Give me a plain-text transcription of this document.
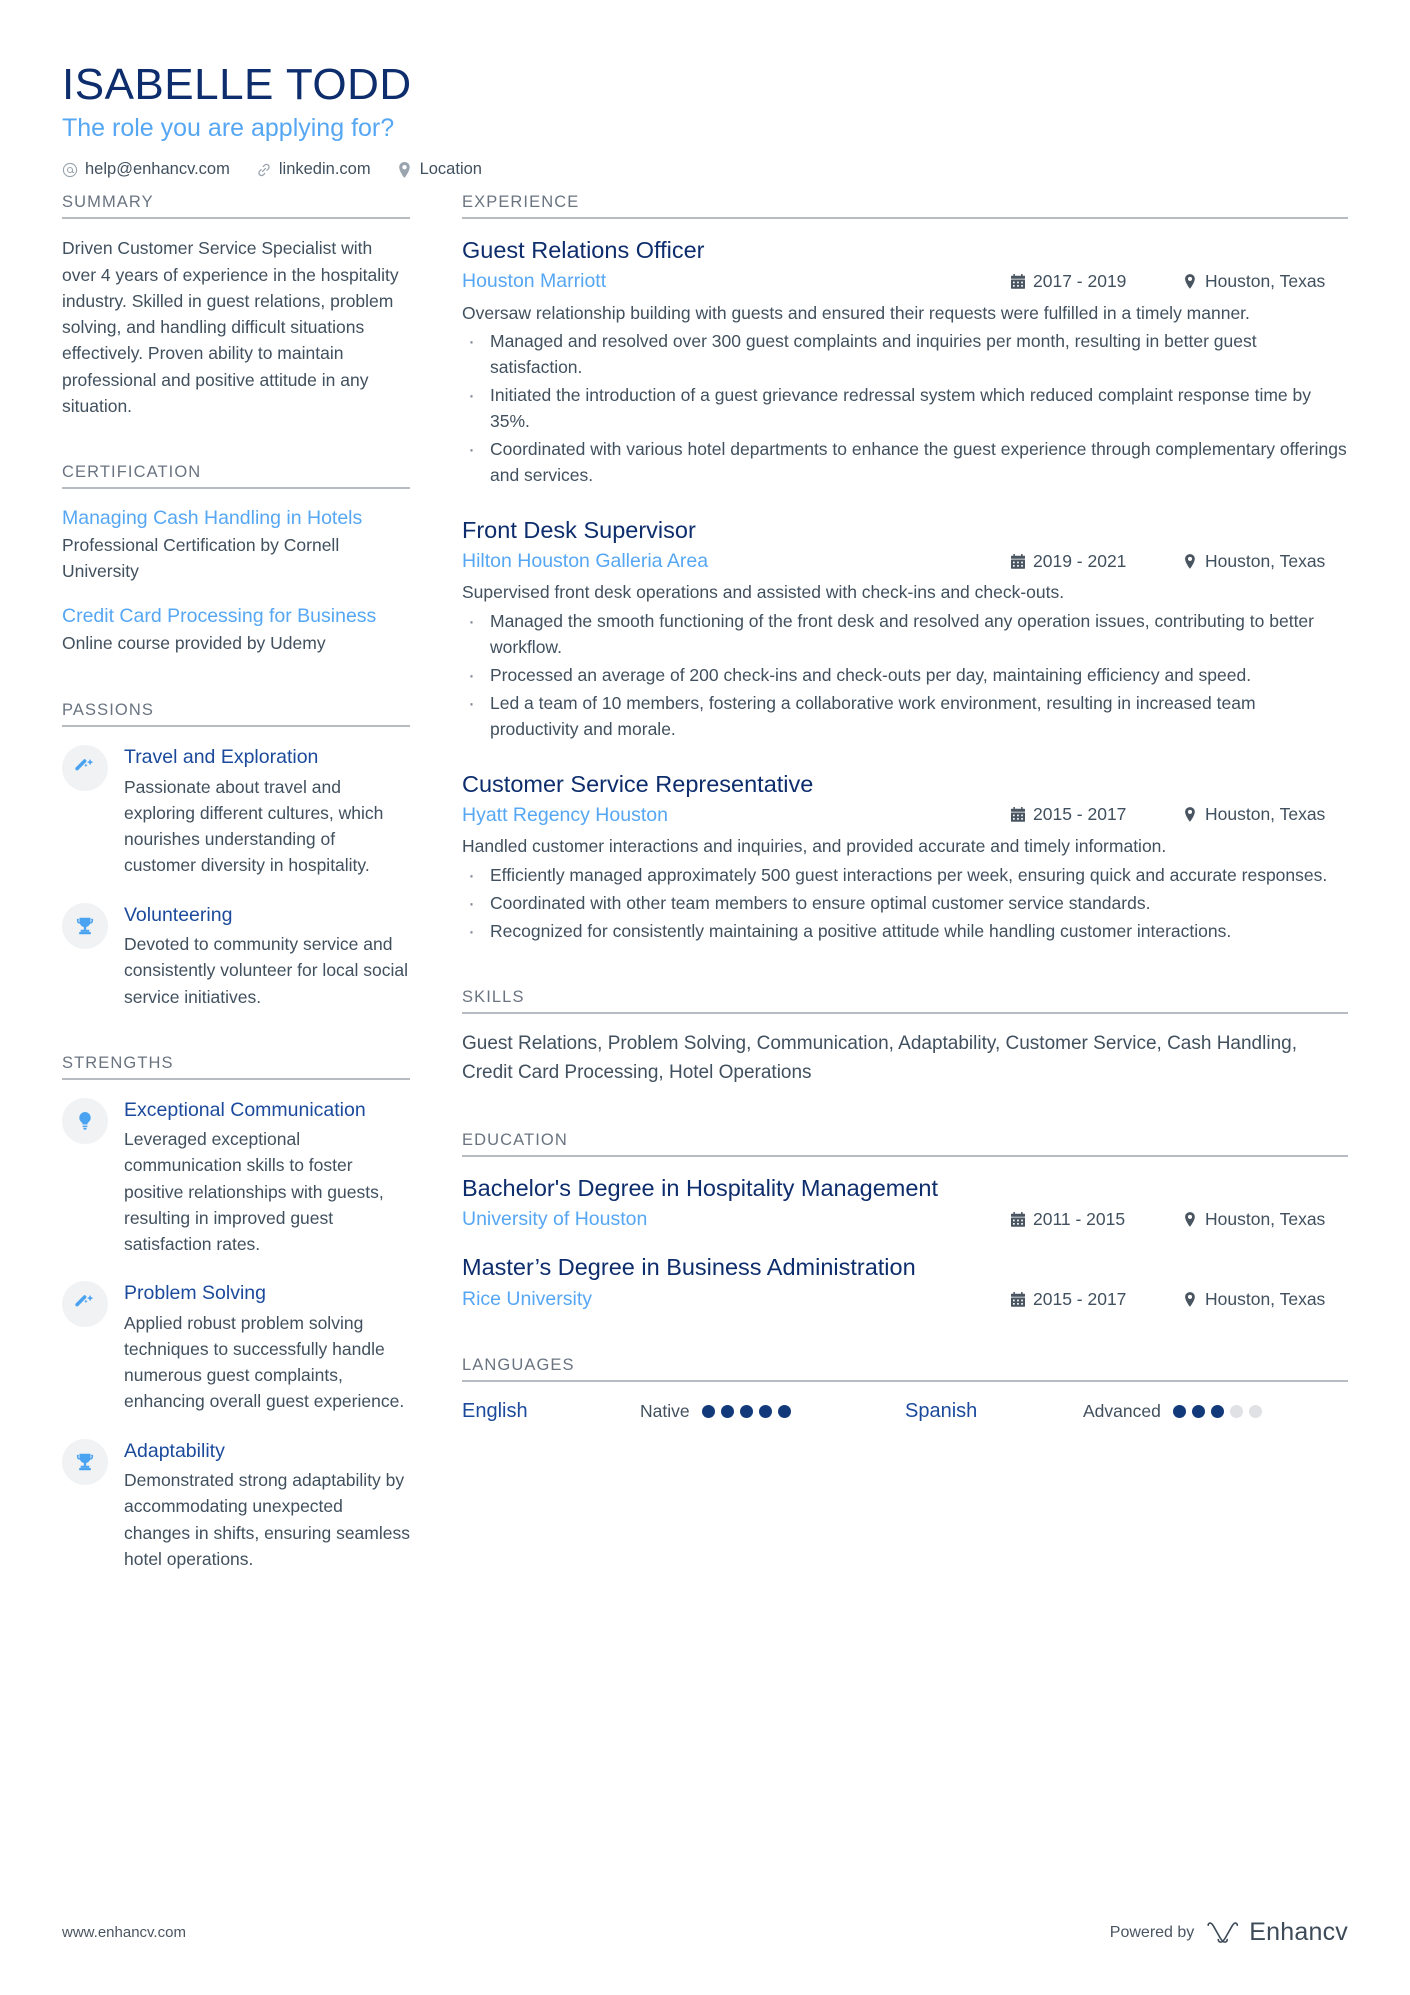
ISABELLE TODD
The role you are applying for?
help@enhancv.com	linkedin.com	Location
SUMMARY
Driven Customer Service Specialist with over 4 years of experience in the hospitality industry. Skilled in guest relations, problem solving, and handling difficult situations effectively. Proven ability to maintain professional and positive attitude in any situation.
CERTIFICATION
Managing Cash Handling in Hotels
Professional Certification by Cornell University
Credit Card Processing for Business
Online course provided by Udemy
PASSIONS
Travel and Exploration
Passionate about travel and exploring different cultures, which nourishes understanding of customer diversity in hospitality.
Volunteering
Devoted to community service and consistently volunteer for local social service initiatives.
STRENGTHS
Exceptional Communication
Leveraged exceptional communication skills to foster positive relationships with guests, resulting in improved guest satisfaction rates.
Problem Solving
Applied robust problem solving techniques to successfully handle numerous guest complaints, enhancing overall guest experience.
Adaptability
Demonstrated strong adaptability by accommodating unexpected changes in shifts, ensuring seamless hotel operations.
EXPERIENCE
Guest Relations Officer
Houston Marriott	2017 - 2019	Houston, Texas
Oversaw relationship building with guests and ensured their requests were fulfilled in a timely manner.
· Managed and resolved over 300 guest complaints and inquiries per month, resulting in better guest satisfaction.
· Initiated the introduction of a guest grievance redressal system which reduced complaint response time by 35%.
· Coordinated with various hotel departments to enhance the guest experience through complementary offerings and services.
Front Desk Supervisor
Hilton Houston Galleria Area	2019 - 2021	Houston, Texas
Supervised front desk operations and assisted with check-ins and check-outs.
· Managed the smooth functioning of the front desk and resolved any operation issues, contributing to better workflow.
· Processed an average of 200 check-ins and check-outs per day, maintaining efficiency and speed.
· Led a team of 10 members, fostering a collaborative work environment, resulting in increased team productivity and morale.
Customer Service Representative
Hyatt Regency Houston	2015 - 2017	Houston, Texas
Handled customer interactions and inquiries, and provided accurate and timely information.
· Efficiently managed approximately 500 guest interactions per week, ensuring quick and accurate responses.
· Coordinated with other team members to ensure optimal customer service standards.
· Recognized for consistently maintaining a positive attitude while handling customer interactions.
SKILLS
Guest Relations, Problem Solving, Communication, Adaptability, Customer Service, Cash Handling, Credit Card Processing, Hotel Operations
EDUCATION
Bachelor's Degree in Hospitality Management
University of Houston	2011 - 2015	Houston, Texas
Master’s Degree in Business Administration
Rice University	2015 - 2017	Houston, Texas
LANGUAGES
English	Native	Spanish	Advanced
www.enhancv.com	Powered by Enhancv
